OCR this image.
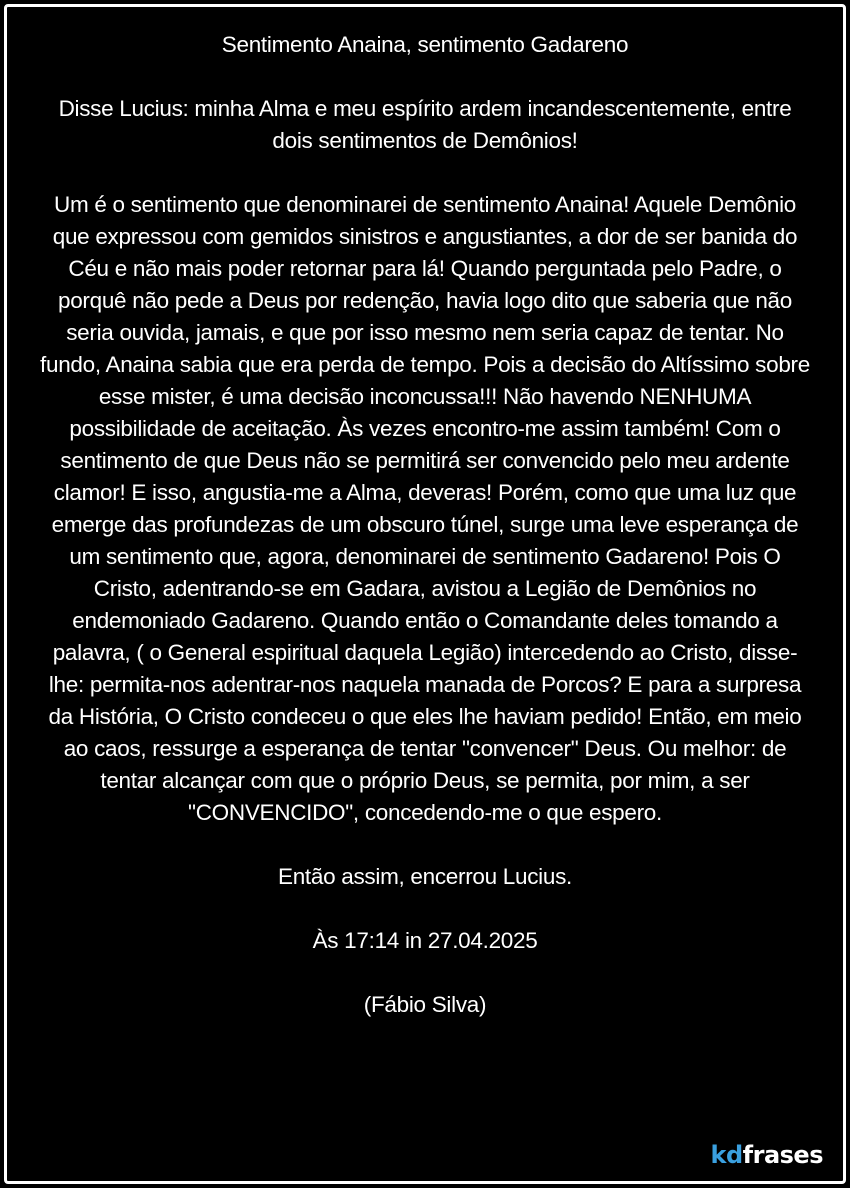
Sentimento Anaina, sentimento Gadareno

Disse Lucius: minha Alma e meu espírito ardem incandescentemente, entre dois sentimentos de Demônios!

Um é o sentimento que denominarei de sentimento Anaina! Aquele Demônio que expressou com gemidos sinistros e angustiantes, a dor de ser banida do Céu e não mais poder retornar para lá! Quando perguntada pelo Padre, o porquê não pede a Deus por redenção, havia logo dito que saberia que não seria ouvida, jamais, e que por isso mesmo nem seria capaz de tentar. No fundo, Anaina sabia que era perda de tempo. Pois a decisão do Altíssimo sobre esse mister, é uma decisão inconcussa!!! Não havendo NENHUMA possibilidade de aceitação. Às vezes encontro-me assim também! Com o sentimento de que Deus não se permitirá ser convencido pelo meu ardente clamor! E isso, angustia-me a Alma, deveras! Porém, como que uma luz que emerge das profundezas de um obscuro túnel, surge uma leve esperança de um sentimento que, agora, denominarei de sentimento Gadareno! Pois O Cristo, adentrando-se em Gadara, avistou a Legião de Demônios no endemoniado Gadareno. Quando então o Comandante deles tomando a palavra, ( o General espiritual daquela Legião) intercedendo ao Cristo, disse-lhe: permita-nos adentrar-nos naquela manada de Porcos? E para a surpresa da História, O Cristo condeceu o que eles lhe haviam pedido! Então, em meio ao caos, ressurge a esperança de tentar "convencer" Deus. Ou melhor: de tentar alcançar com que o próprio Deus, se permita, por mim, a ser "CONVENCIDO", concedendo-me o que espero.

Então assim, encerrou Lucius.

Às 17:14 in 27.04.2025

(Fábio Silva)

kdfrases
